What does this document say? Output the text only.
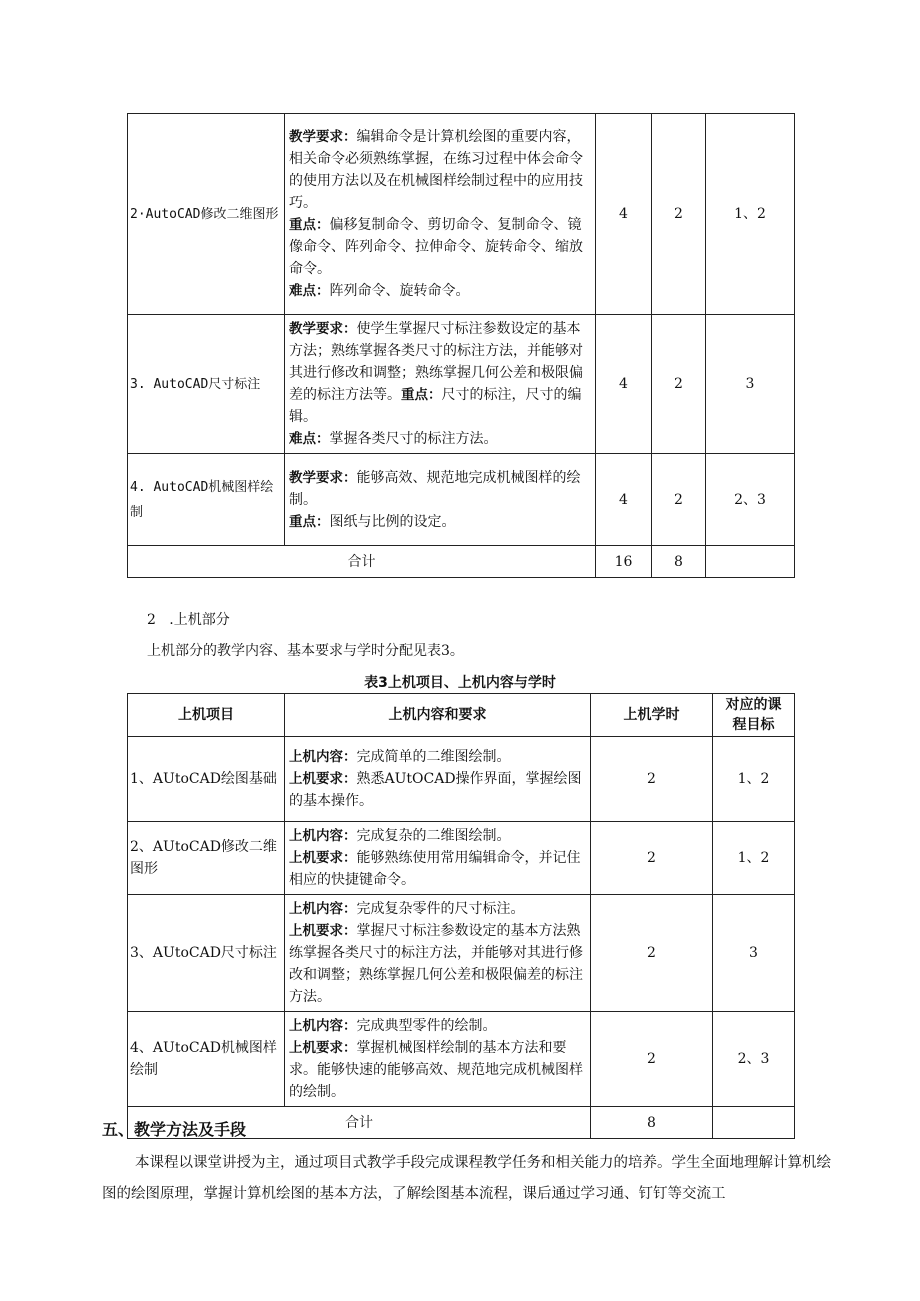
2·AutoCAD修改二维图形	教学要求：编辑命令是计算机绘图的重要内容，相关命令必须熟练掌握，在练习过程中体会命令的使用方法以及在机械图样绘制过程中的应用技巧。
重点：偏移复制命令、剪切命令、复制命令、镜像命令、阵列命令、拉伸命令、旋转命令、缩放命令。
难点：阵列命令、旋转命令。	4	2	1、2
3. AutoCAD尺寸标注	教学要求：使学生掌握尺寸标注参数设定的基本方法；熟练掌握各类尺寸的标注方法，并能够对其进行修改和调整；熟练掌握几何公差和极限偏差的标注方法等。重点：尺寸的标注，尺寸的编辑。
难点：掌握各类尺寸的标注方法。	4	2	3
4. AutoCAD机械图样绘制	教学要求：能够高效、规范地完成机械图样的绘制。
重点：图纸与比例的设定。	4	2	2、3
合计		16	8	
2 .上机部分
上机部分的教学内容、基本要求与学时分配见表3。
表3上机项目、上机内容与学时
上机项目	上机内容和要求	上机学时	对应的课程目标
1、AUtoCAD绘图基础	上机内容：完成简单的二维图绘制。
上机要求：熟悉AUtOCAD操作界面，掌握绘图的基本操作。	2	1、2
2、AUtoCAD修改二维图形	上机内容：完成复杂的二维图绘制。
上机要求：能够熟练使用常用编辑命令，并记住相应的快捷键命令。	2	1、2
3、AUtoCAD尺寸标注	上机内容：完成复杂零件的尺寸标注。
上机要求：掌握尺寸标注参数设定的基本方法熟练掌握各类尺寸的标注方法，并能够对其进行修改和调整；熟练掌握几何公差和极限偏差的标注方法。	2	3
4、AUtoCAD机械图样绘制	上机内容：完成典型零件的绘制。
上机要求：掌握机械图样绘制的基本方法和要求。能够快速的能够高效、规范地完成机械图样的绘制。	2	2、3
合计		8	
五、教学方法及手段
本课程以课堂讲授为主，通过项目式教学手段完成课程教学任务和相关能力的培养。学生全面地理解计算机绘图的绘图原理，掌握计算机绘图的基本方法，了解绘图基本流程，课后通过学习通、钉钉等交流工
